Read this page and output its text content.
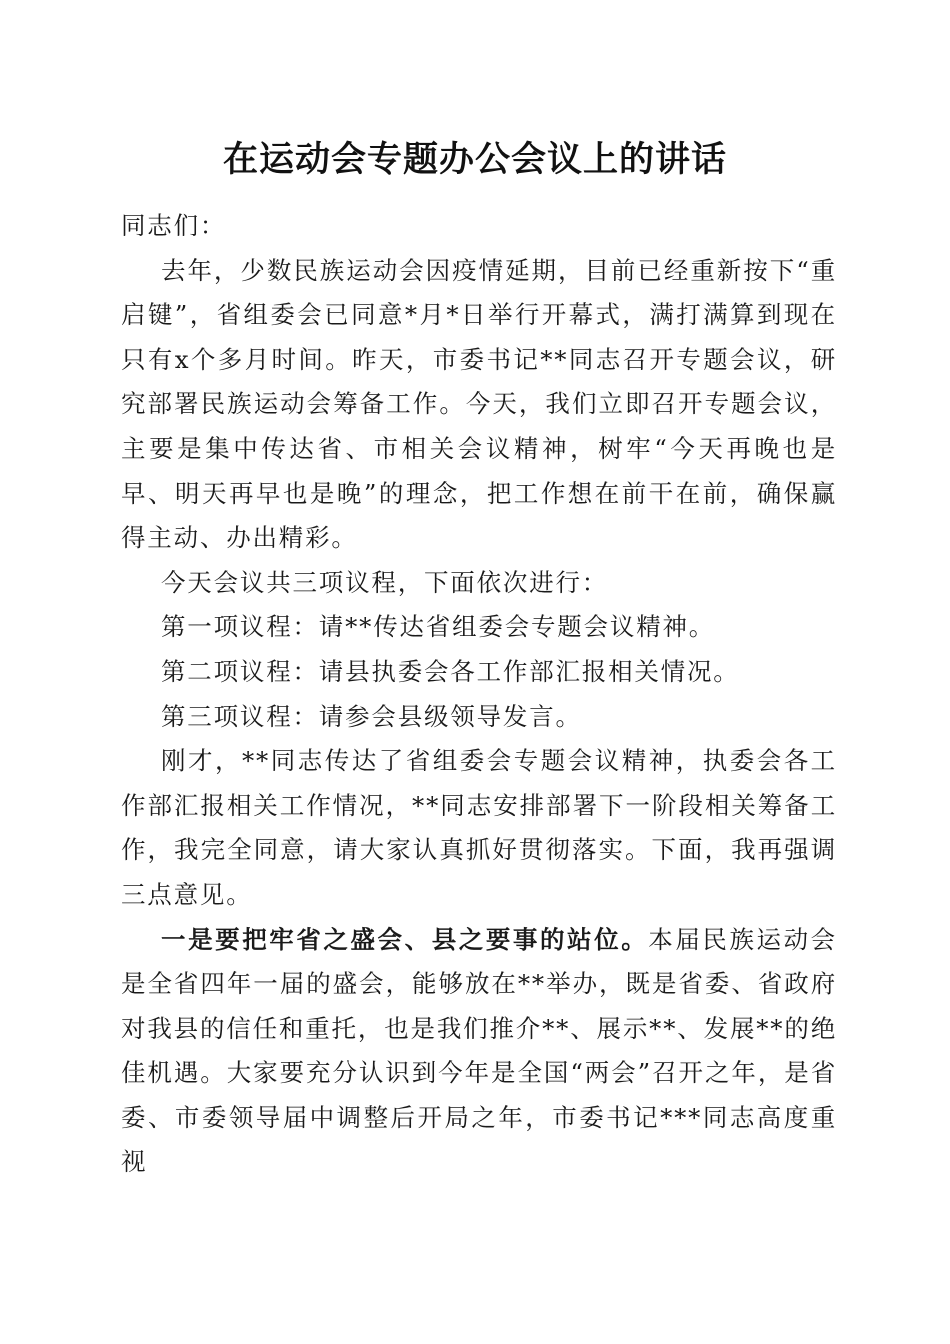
在运动会专题办公会议上的讲话

同志们：

去年，少数民族运动会因疫情延期，目前已经重新按下“重启键”，省组委会已同意*月*日举行开幕式，满打满算到现在只有x个多月时间。昨天，市委书记**同志召开专题会议，研究部署民族运动会筹备工作。今天，我们立即召开专题会议，主要是集中传达省、市相关会议精神，树牢“今天再晚也是早、明天再早也是晚”的理念，把工作想在前干在前，确保赢得主动、办出精彩。

今天会议共三项议程，下面依次进行：

第一项议程：请**传达省组委会专题会议精神。

第二项议程：请县执委会各工作部汇报相关情况。

第三项议程：请参会县级领导发言。

刚才，**同志传达了省组委会专题会议精神，执委会各工作部汇报相关工作情况，**同志安排部署下一阶段相关筹备工作，我完全同意，请大家认真抓好贯彻落实。下面，我再强调三点意见。

一是要把牢省之盛会、县之要事的站位。本届民族运动会是全省四年一届的盛会，能够放在**举办，既是省委、省政府对我县的信任和重托，也是我们推介**、展示**、发展**的绝佳机遇。大家要充分认识到今年是全国“两会”召开之年，是省委、市委领导届中调整后开局之年，市委书记***同志高度重视
